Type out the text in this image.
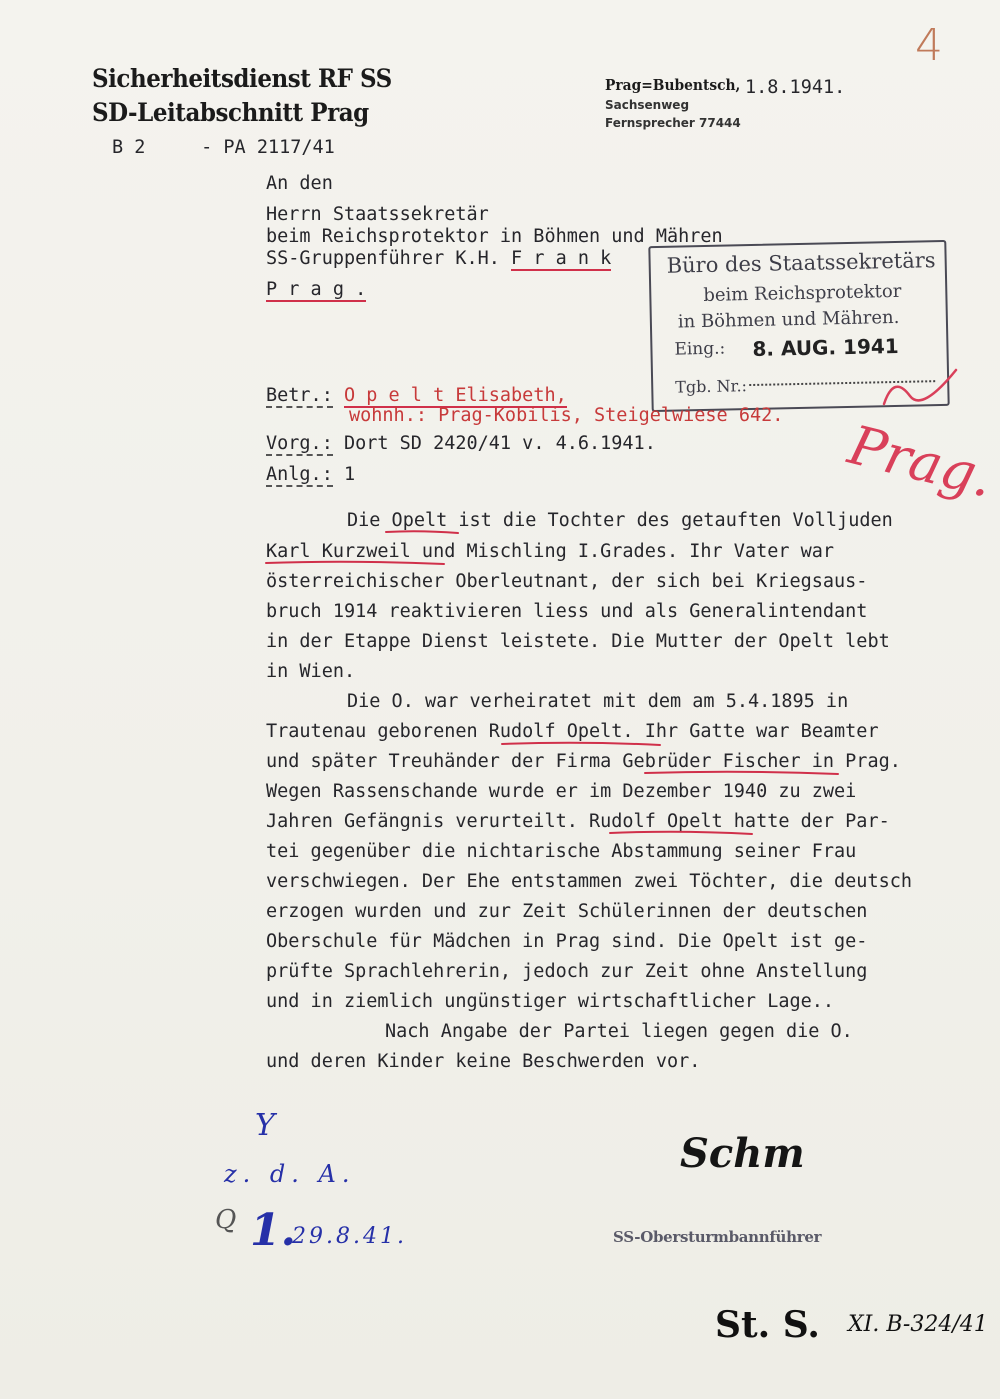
Sicherheitsdienst RF SS
SD-Leitabschnitt Prag
B 2	- PA 2117/41
Prag=Bubentsch, 1.8.1941.
Sachsenweg
Fernsprecher 77444
4
An den
Herrn Staatssekretär
beim Reichsprotektor in Böhmen und Mähren
SS-Gruppenführer K.H. F r a n k
P r a g .
Büro des Staatssekretärs
beim Reichsprotektor
in Böhmen und Mähren.
Eing.: 8. AUG. 1941
Tgb. Nr.:
Betr.: O p e l t Elisabeth,
wohnh.: Prag-Kobilis, Steigelwiese 642.
Vorg.: Dort SD 2420/41 v. 4.6.1941.
Anlg.: 1
Die Opelt ist die Tochter des getauften Volljuden
Karl Kurzweil und Mischling I.Grades. Ihr Vater war
österreichischer Oberleutnant, der sich bei Kriegsaus-
bruch 1914 reaktivieren liess und als Generalintendant
in der Etappe Dienst leistete. Die Mutter der Opelt lebt
in Wien.
Die O. war verheiratet mit dem am 5.4.1895 in
Trautenau geborenen Rudolf Opelt. Ihr Gatte war Beamter
und später Treuhänder der Firma Gebrüder Fischer in Prag.
Wegen Rassenschande wurde er im Dezember 1940 zu zwei
Jahren Gefängnis verurteilt. Rudolf Opelt hatte der Par-
tei gegenüber die nichtarische Abstammung seiner Frau
verschwiegen. Der Ehe entstammen zwei Töchter, die deutsch
erzogen wurden und zur Zeit Schülerinnen der deutschen
Oberschule für Mädchen in Prag sind. Die Opelt ist ge-
prüfte Sprachlehrerin, jedoch zur Zeit ohne Anstellung
und in ziemlich ungünstiger wirtschaftlicher Lage..
Nach Angabe der Partei liegen gegen die O.
und deren Kinder keine Beschwerden vor.
Prag.
Y
z. d. A.
Q 1.
29.8.41.
Schm
SS-Obersturmbannführer
St. S. XI. B-324/41
